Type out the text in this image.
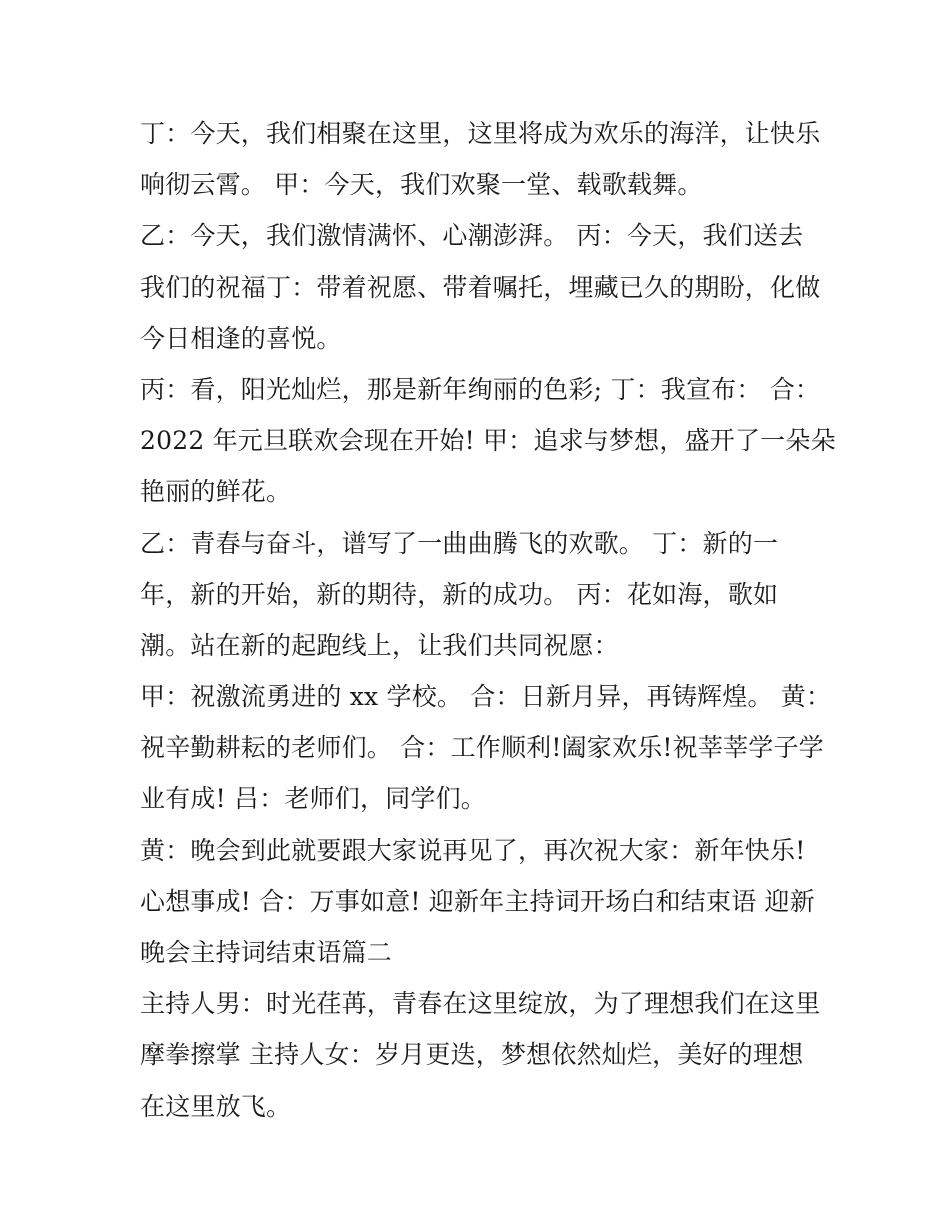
丁：今天，我们相聚在这里，这里将成为欢乐的海洋，让快乐
响彻云霄。 甲：今天，我们欢聚一堂、载歌载舞。

乙：今天，我们激情满怀、心潮澎湃。 丙：今天，我们送去
我们的祝福丁：带着祝愿、带着嘱托，埋藏已久的期盼，化做
今日相逢的喜悦。

丙：看，阳光灿烂，那是新年绚丽的色彩; 丁：我宣布： 合：
2022 年元旦联欢会现在开始! 甲：追求与梦想，盛开了一朵朵
艳丽的鲜花。

乙：青春与奋斗，谱写了一曲曲腾飞的欢歌。 丁：新的一
年，新的开始，新的期待，新的成功。 丙：花如海，歌如
潮。站在新的起跑线上，让我们共同祝愿：

甲：祝激流勇进的 xx 学校。 合：日新月异，再铸辉煌。 黄：
祝辛勤耕耘的老师们。 合：工作顺利!阖家欢乐!祝莘莘学子学
业有成! 吕：老师们，同学们。

黄：晚会到此就要跟大家说再见了，再次祝大家：新年快乐!
心想事成! 合：万事如意! 迎新年主持词开场白和结束语 迎新
晚会主持词结束语篇二

主持人男：时光荏苒，青春在这里绽放，为了理想我们在这里
摩拳擦掌 主持人女：岁月更迭，梦想依然灿烂，美好的理想
在这里放飞。
